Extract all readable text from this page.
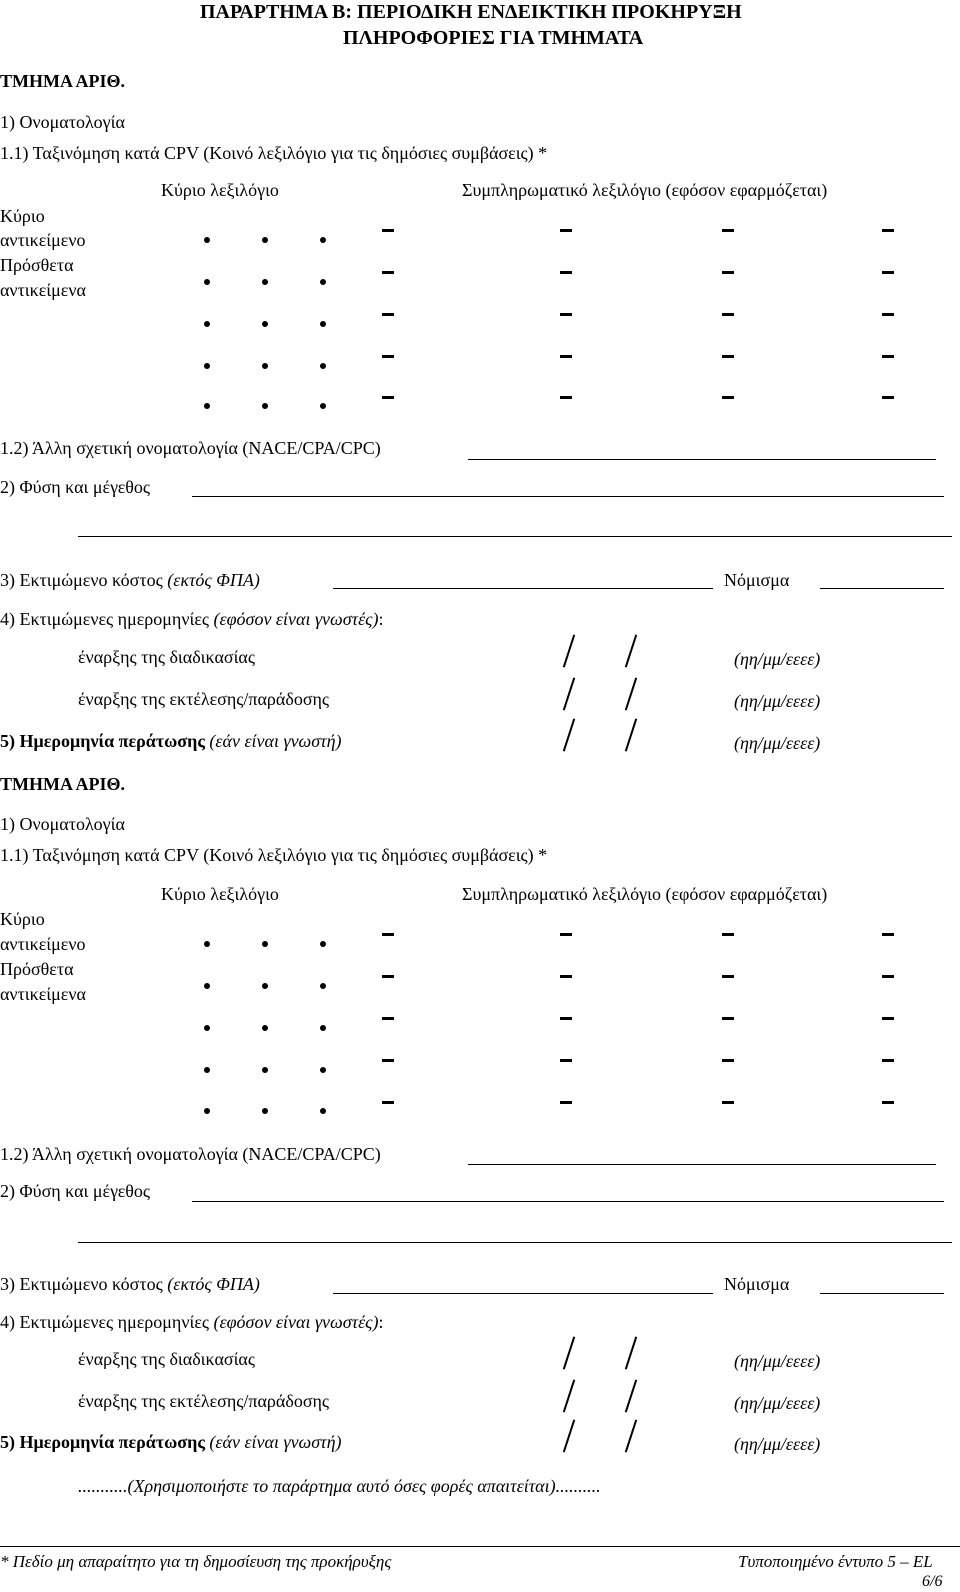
ΠΑΡΑΡΤΗΜΑ Β: ΠΕΡΙΟΔΙΚΗ ΕΝΔΕΙΚΤΙΚΗ ΠΡΟΚΗΡΥΞΗ
ΠΛΗΡΟΦΟΡΙΕΣ ΓΙΑ ΤΜΗΜΑΤΑ
ΤΜΗΜΑ ΑΡΙΘ.
1) Ονοματολογία
1.1) Ταξινόμηση κατά CPV (Κοινό λεξιλόγιο για τις δημόσιες συμβάσεις) *
Κύριο λεξιλόγιο	Συμπληρωματικό λεξιλόγιο (εφόσον εφαρμόζεται)
Κύριο
αντικείμενο
Πρόσθετα
αντικείμενα
1.2) Άλλη σχετική ονοματολογία (NACE/CPA/CPC)
2) Φύση και μέγεθος
3) Εκτιμώμενο κόστος (εκτός ΦΠΑ)	Νόμισμα
4) Εκτιμώμενες ημερομηνίες (εφόσον είναι γνωστές):
έναρξης της διαδικασίας	(ηη/μμ/εεεε)
έναρξης της εκτέλεσης/παράδοσης	(ηη/μμ/εεεε)
5) Ημερομηνία περάτωσης (εάν είναι γνωστή)	(ηη/μμ/εεεε)
ΤΜΗΜΑ ΑΡΙΘ.
1) Ονοματολογία
1.1) Ταξινόμηση κατά CPV (Κοινό λεξιλόγιο για τις δημόσιες συμβάσεις) *
Κύριο λεξιλόγιο	Συμπληρωματικό λεξιλόγιο (εφόσον εφαρμόζεται)
Κύριο
αντικείμενο
Πρόσθετα
αντικείμενα
1.2) Άλλη σχετική ονοματολογία (NACE/CPA/CPC)
2) Φύση και μέγεθος
3) Εκτιμώμενο κόστος (εκτός ΦΠΑ)	Νόμισμα
4) Εκτιμώμενες ημερομηνίες (εφόσον είναι γνωστές):
έναρξης της διαδικασίας	(ηη/μμ/εεεε)
έναρξης της εκτέλεσης/παράδοσης	(ηη/μμ/εεεε)
5) Ημερομηνία περάτωσης (εάν είναι γνωστή)	(ηη/μμ/εεεε)
...........(Χρησιμοποιήστε το παράρτημα αυτό όσες φορές απαιτείται)..........
* Πεδίο μη απαραίτητο για τη δημοσίευση της προκήρυξης	Τυποποιημένο έντυπο 5 – EL
6/6
